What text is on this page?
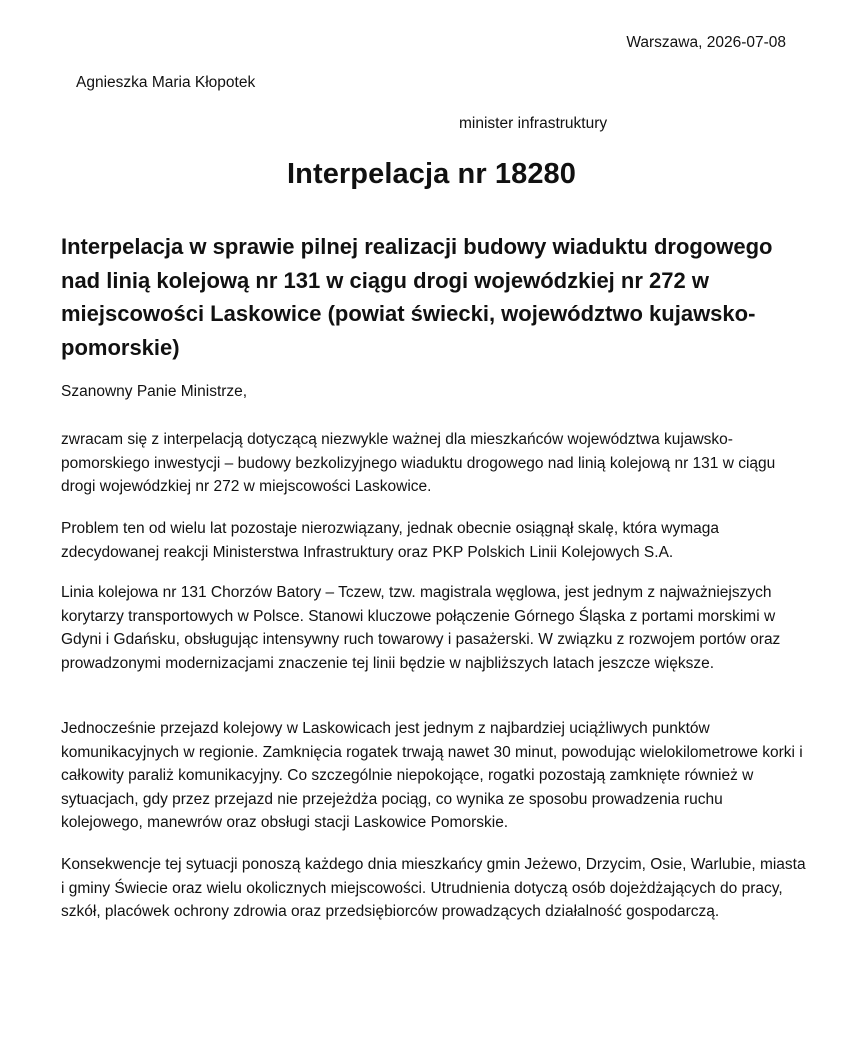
Warszawa, 2026-07-08
Agnieszka Maria Kłopotek
minister infrastruktury
Interpelacja nr 18280
Interpelacja w sprawie pilnej realizacji budowy wiaduktu drogowego nad linią kolejową nr 131 w ciągu drogi wojewódzkiej nr 272 w miejscowości Laskowice (powiat świecki, województwo kujawsko-pomorskie)
Szanowny Panie Ministrze,

zwracam się z interpelacją dotyczącą niezwykle ważnej dla mieszkańców województwa kujawsko-pomorskiego inwestycji – budowy bezkolizyjnego wiaduktu drogowego nad linią kolejową nr 131 w ciągu drogi wojewódzkiej nr 272 w miejscowości Laskowice.

Problem ten od wielu lat pozostaje nierozwiązany, jednak obecnie osiągnął skalę, która wymaga zdecydowanej reakcji Ministerstwa Infrastruktury oraz PKP Polskich Linii Kolejowych S.A.

Linia kolejowa nr 131 Chorzów Batory – Tczew, tzw. magistrala węglowa, jest jednym z najważniejszych korytarzy transportowych w Polsce. Stanowi kluczowe połączenie Górnego Śląska z portami morskimi w Gdyni i Gdańsku, obsługując intensywny ruch towarowy i pasażerski. W związku z rozwojem portów oraz prowadzonymi modernizacjami znaczenie tej linii będzie w najbliższych latach jeszcze większe.

Jednocześnie przejazd kolejowy w Laskowicach jest jednym z najbardziej uciążliwych punktów komunikacyjnych w regionie. Zamknięcia rogatek trwają nawet 30 minut, powodując wielokilometrowe korki i całkowity paraliż komunikacyjny. Co szczególnie niepokojące, rogatki pozostają zamknięte również w sytuacjach, gdy przez przejazd nie przejeżdża pociąg, co wynika ze sposobu prowadzenia ruchu kolejowego, manewrów oraz obsługi stacji Laskowice Pomorskie.

Konsekwencje tej sytuacji ponoszą każdego dnia mieszkańcy gmin Jeżewo, Drzycim, Osie, Warlubie, miasta i gminy Świecie oraz wielu okolicznych miejscowości. Utrudnienia dotyczą osób dojeżdżających do pracy, szkół, placówek ochrony zdrowia oraz przedsiębiorców prowadzących działalność gospodarczą.
